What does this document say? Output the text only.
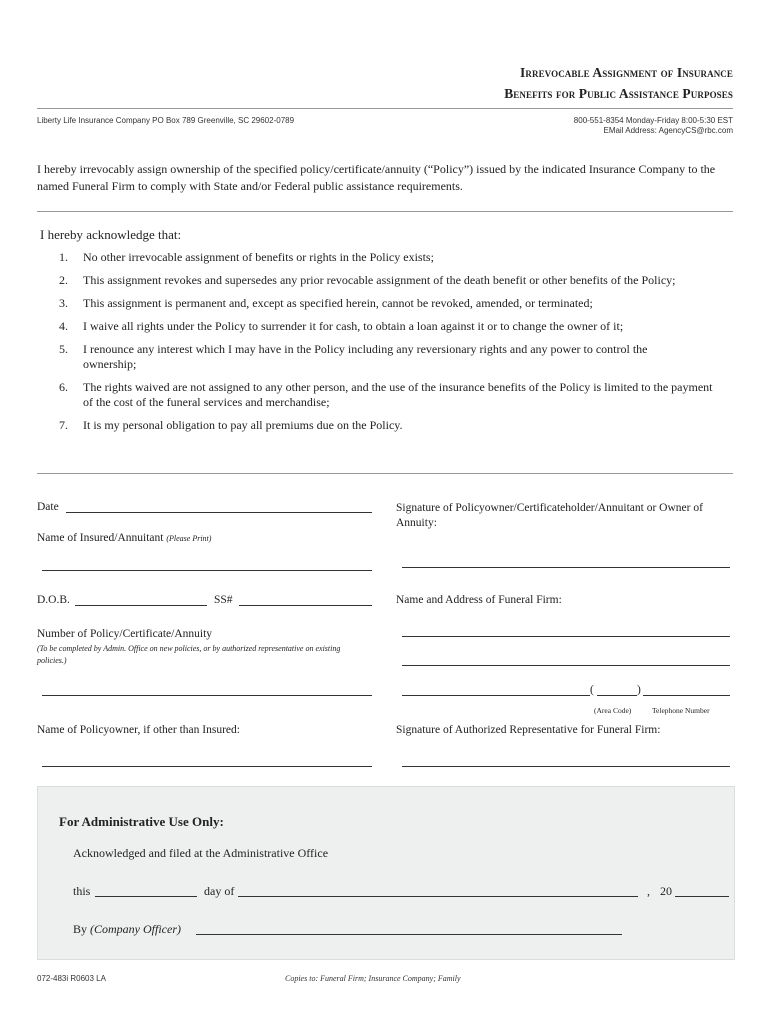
Irrevocable Assignment of Insurance
Benefits for Public Assistance Purposes
Liberty Life Insurance Company PO Box 789 Greenville, SC 29602-0789	800-551-8354 Monday-Friday 8:00-5:30 EST
EMail Address: AgencyCS@rbc.com
I hereby irrevocably assign ownership of the specified policy/certificate/annuity (“Policy”) issued by the indicated Insurance Company to the named Funeral Firm to comply with State and/or Federal public assistance requirements.
I hereby acknowledge that:
1. No other irrevocable assignment of benefits or rights in the Policy exists;
2. This assignment revokes and supersedes any prior revocable assignment of the death benefit or other benefits of the Policy;
3. This assignment is permanent and, except as specified herein, cannot be revoked, amended, or terminated;
4. I waive all rights under the Policy to surrender it for cash, to obtain a loan against it or to change the owner of it;
5. I renounce any interest which I may have in the Policy including any reversionary rights and any power to control the ownership;
6. The rights waived are not assigned to any other person, and the use of the insurance benefits of the Policy is limited to the payment of the cost of the funeral services and merchandise;
7. It is my personal obligation to pay all premiums due on the Policy.
Date
Name of Insured/Annuitant (Please Print)
D.O.B.	SS#
Number of Policy/Certificate/Annuity
(To be completed by Admin. Office on new policies, or by authorized representative on existing policies.)
Name of Policyowner, if other than Insured:
Signature of Policyowner/Certificateholder/Annuitant or Owner of Annuity:
Name and Address of Funeral Firm:
(	)
(Area Code)	Telephone Number
Signature of Authorized Representative for Funeral Firm:
For Administrative Use Only:
Acknowledged and filed at the Administrative Office
this	day of	, 20
By (Company Officer)
072-483i R0603 LA	Copies to: Funeral Firm; Insurance Company; Family
